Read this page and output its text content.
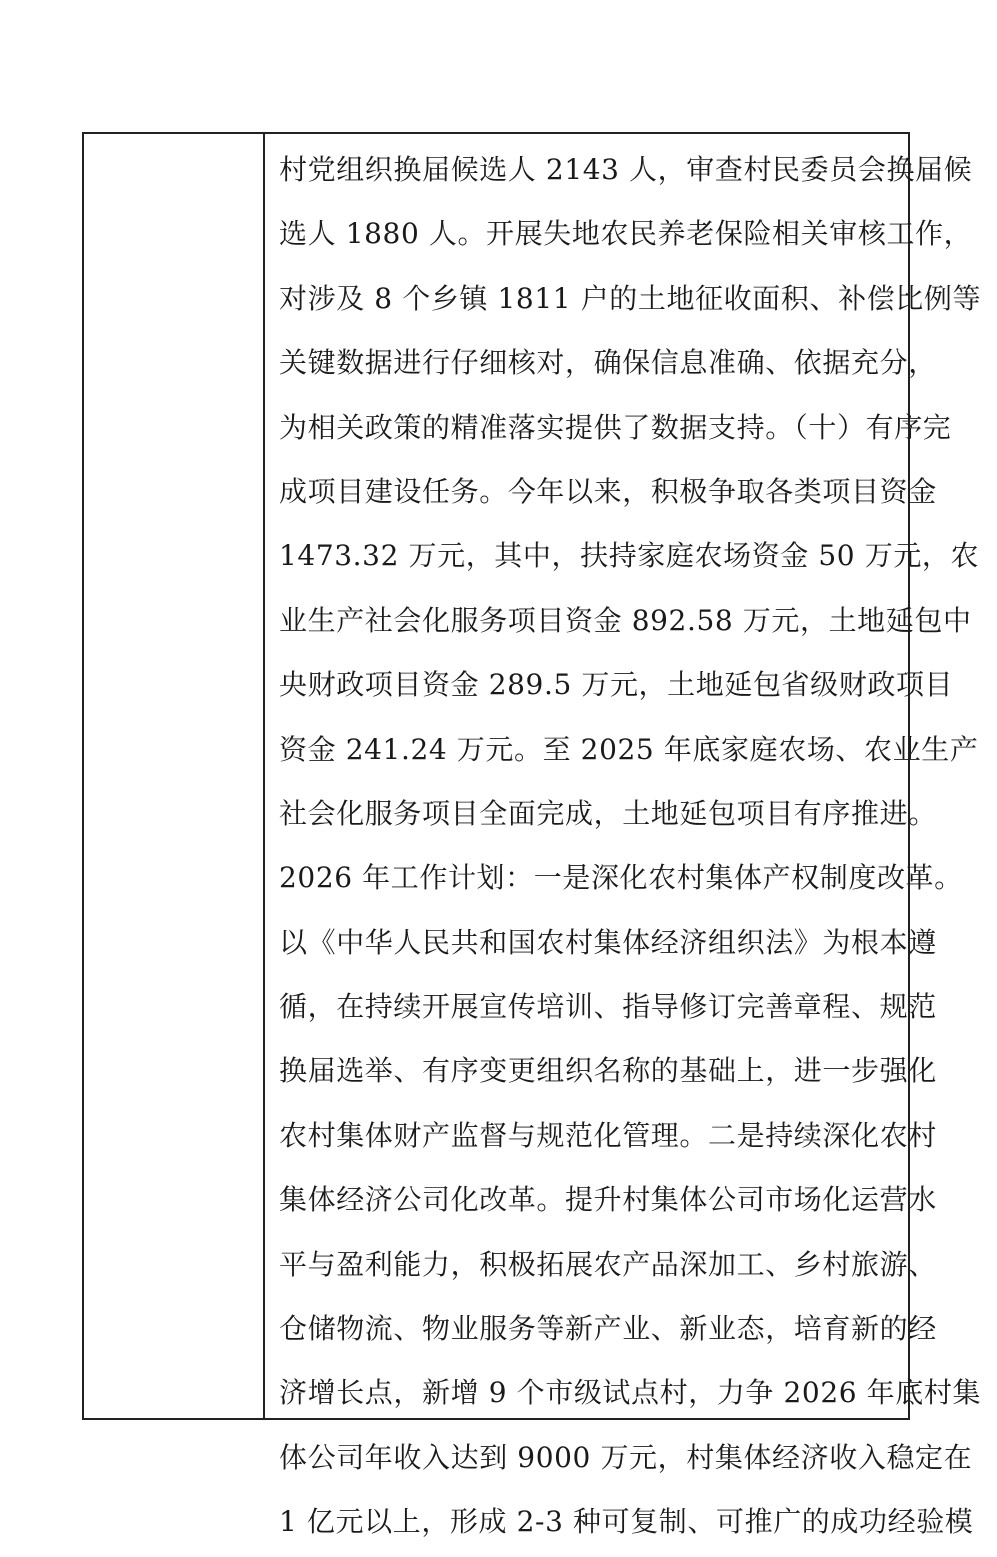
村党组织换届候选人 2143 人，审查村民委员会换届候
选人 1880 人。开展失地农民养老保险相关审核工作，
对涉及 8 个乡镇 1811 户的土地征收面积、补偿比例等
关键数据进行仔细核对，确保信息准确、依据充分，
为相关政策的精准落实提供了数据支持。（十）有序完
成项目建设任务。今年以来，积极争取各类项目资金
1473.32 万元，其中，扶持家庭农场资金 50 万元，农
业生产社会化服务项目资金 892.58 万元，土地延包中
央财政项目资金 289.5 万元，土地延包省级财政项目
资金 241.24 万元。至 2025 年底家庭农场、农业生产
社会化服务项目全面完成，土地延包项目有序推进。
2026 年工作计划：一是深化农村集体产权制度改革。
以《中华人民共和国农村集体经济组织法》为根本遵
循，在持续开展宣传培训、指导修订完善章程、规范
换届选举、有序变更组织名称的基础上，进一步强化
农村集体财产监督与规范化管理。二是持续深化农村
集体经济公司化改革。提升村集体公司市场化运营水
平与盈利能力，积极拓展农产品深加工、乡村旅游、
仓储物流、物业服务等新产业、新业态，培育新的经
济增长点，新增 9 个市级试点村，力争 2026 年底村集
体公司年收入达到 9000 万元，村集体经济收入稳定在
1 亿元以上，形成 2-3 种可复制、可推广的成功经验模
